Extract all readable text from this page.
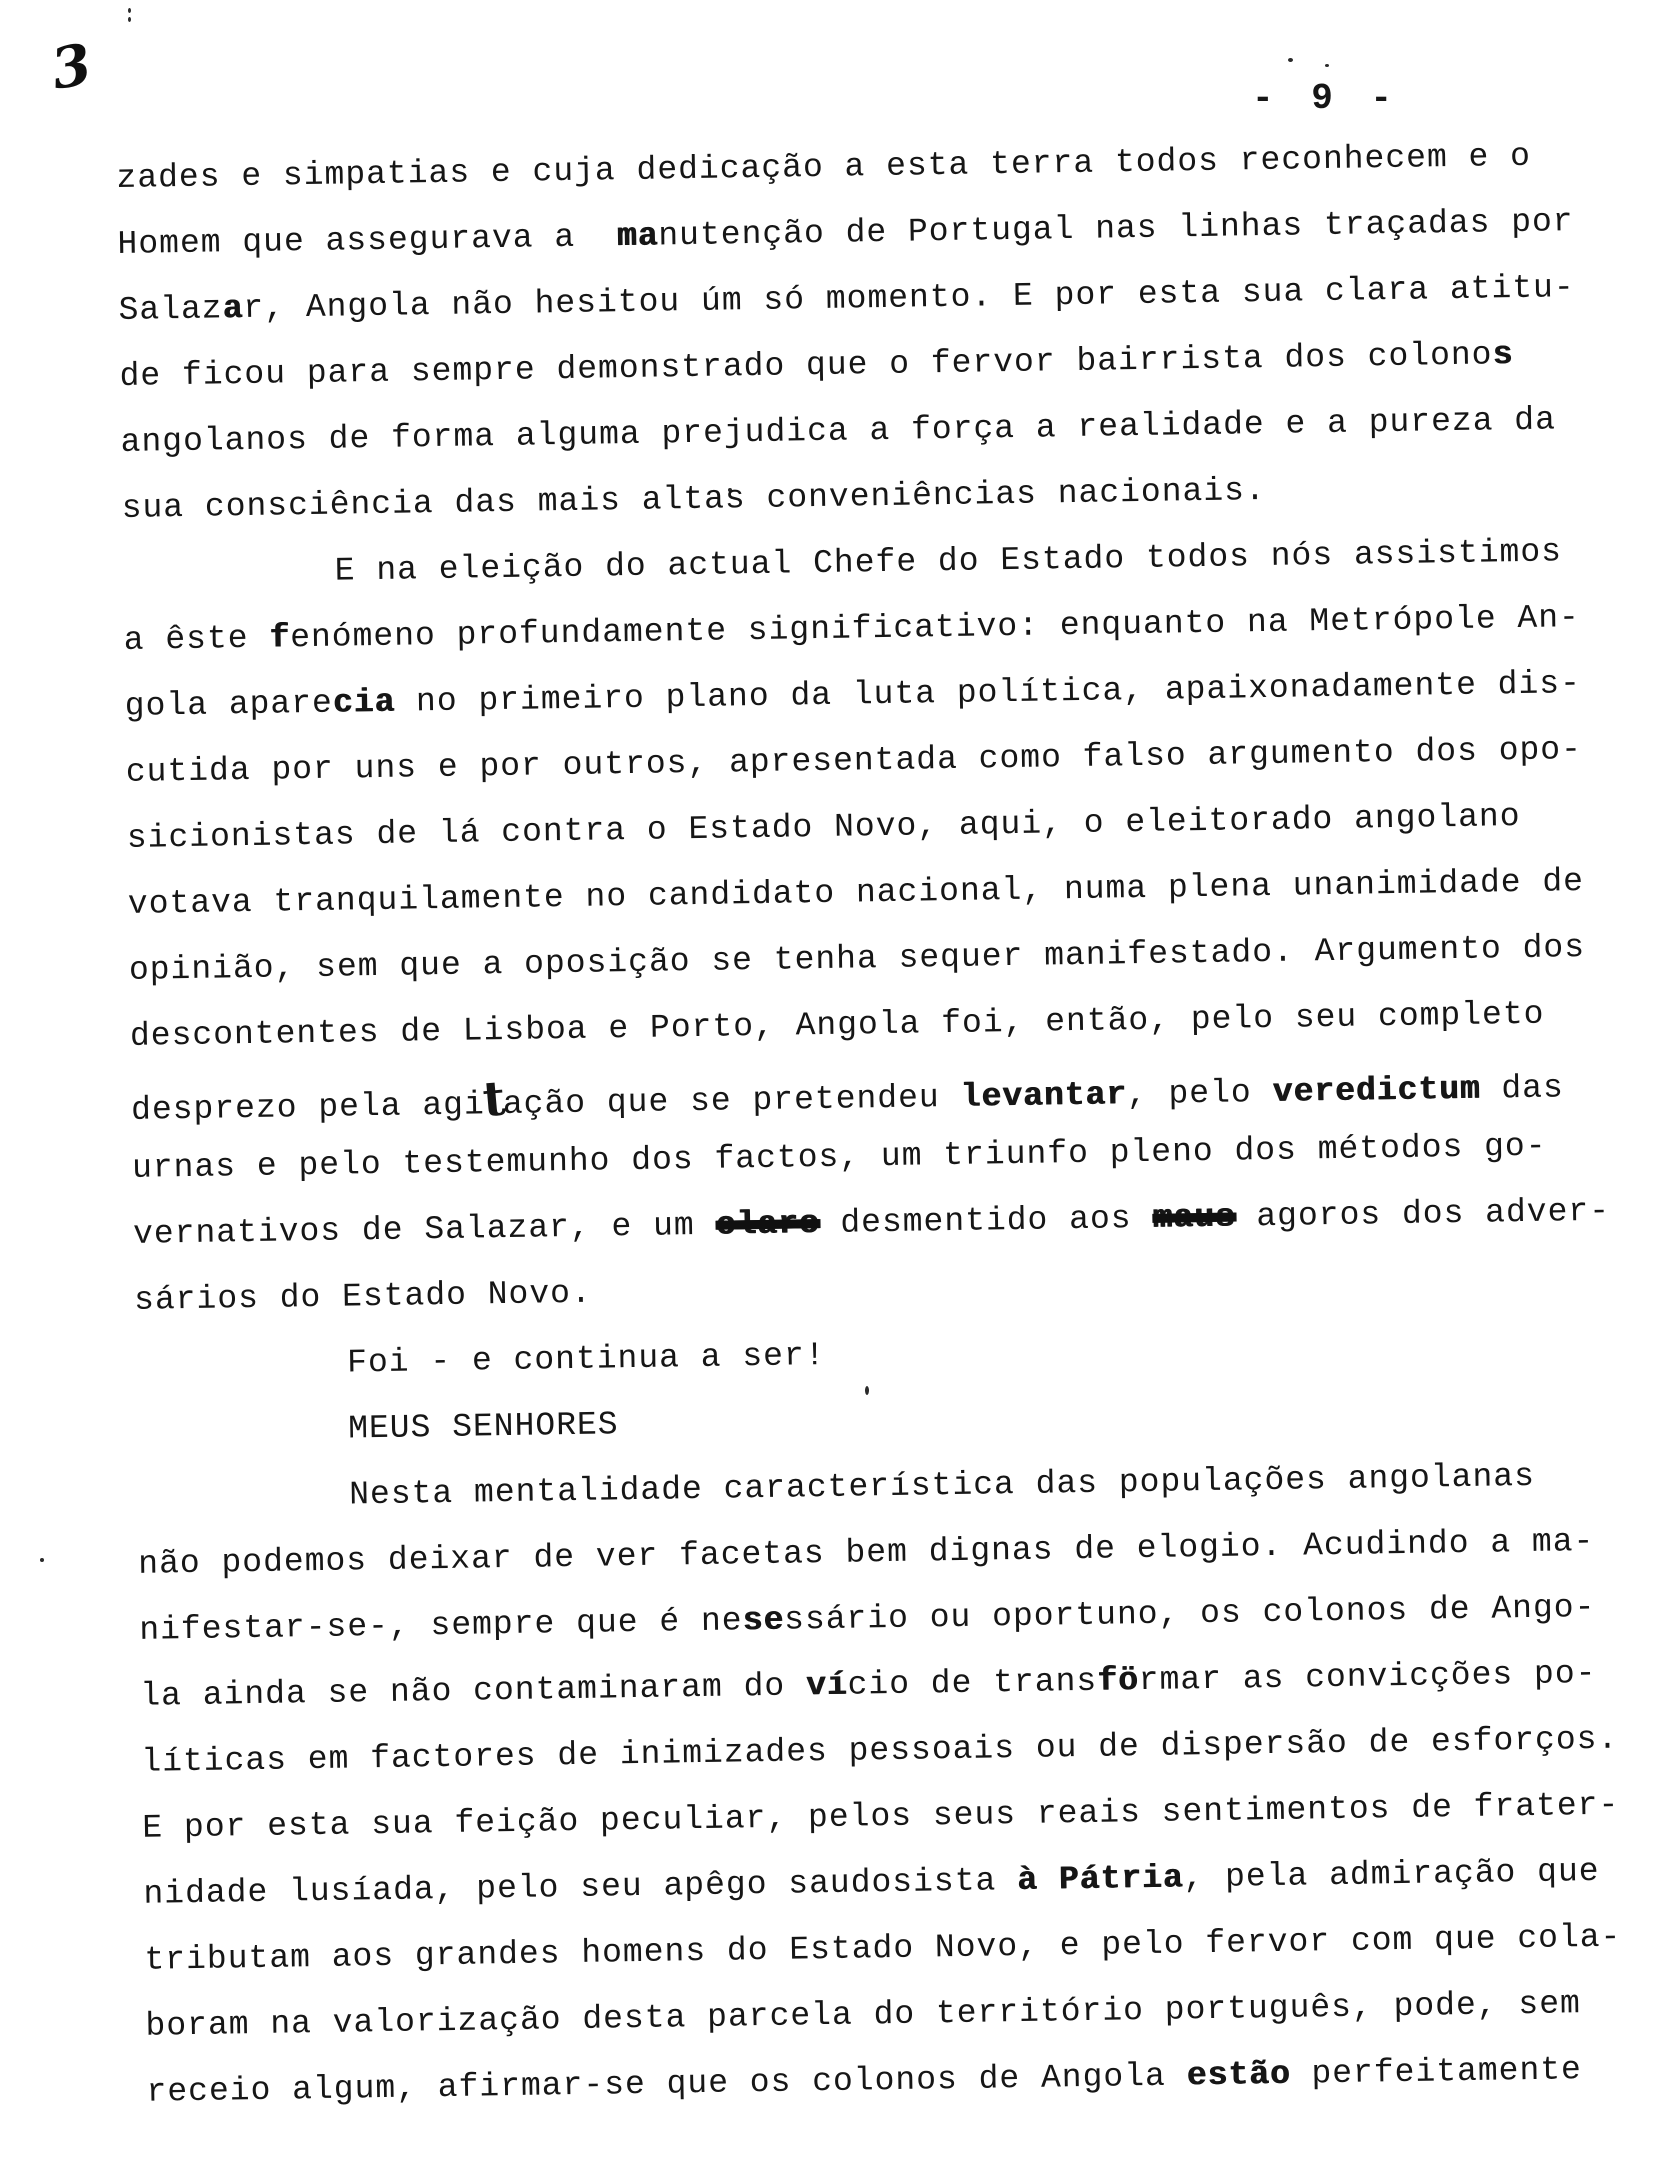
3	- 9 -
zades e simpatias e cuja dedicação a esta terra todos reconhecem e o
Homem que assegurava a  manutenção de Portugal nas linhas traçadas por
Salazar, Angola não hesitou úm só momento. E por esta sua clara atitu-
de ficou para sempre demonstrado que o fervor bairrista dos colonos
angolanos de forma alguma prejudica a força a realidade e a pureza da
sua consciência das mais altas conveniências nacionais.
E na eleição do actual Chefe do Estado todos nós assistimos
a êste fenómeno profundamente significativo: enquanto na Metrópole An-
gola aparecia no primeiro plano da luta política, apaixonadamente dis-
cutida por uns e por outros, apresentada como falso argumento dos opo-
sicionistas de lá contra o Estado Novo, aqui, o eleitorado angolano
votava tranquilamente no candidato nacional, numa plena unanimidade de
opinião, sem que a oposição se tenha sequer manifestado. Argumento dos
descontentes de Lisboa e Porto, Angola foi, então, pelo seu completo
desprezo pela agitação que se pretendeu levantar, pelo veredictum das
urnas e pelo testemunho dos factos, um triunfo pleno dos métodos go-
vernativos de Salazar, e um claro desmentido aos maus agoros dos adver-
sários do Estado Novo.
Foi - e continua a ser!
MEUS SENHORES
Nesta mentalidade característica das populações angolanas
não podemos deixar de ver facetas bem dignas de elogio. Acudindo a ma-
nifestar-se-, sempre que é nesessário ou oportuno, os colonos de Ango-
la ainda se não contaminaram do vício de transförmar as convicções po-
líticas em factores de inimizades pessoais ou de dispersão de esforços.
E por esta sua feição peculiar, pelos seus reais sentimentos de frater-
nidade lusíada, pelo seu apêgo saudosista à Pátria, pela admiração que
tributam aos grandes homens do Estado Novo, e pelo fervor com que cola-
boram na valorização desta parcela do território português, pode, sem
receio algum, afirmar-se que os colonos de Angola estão perfeitamente
